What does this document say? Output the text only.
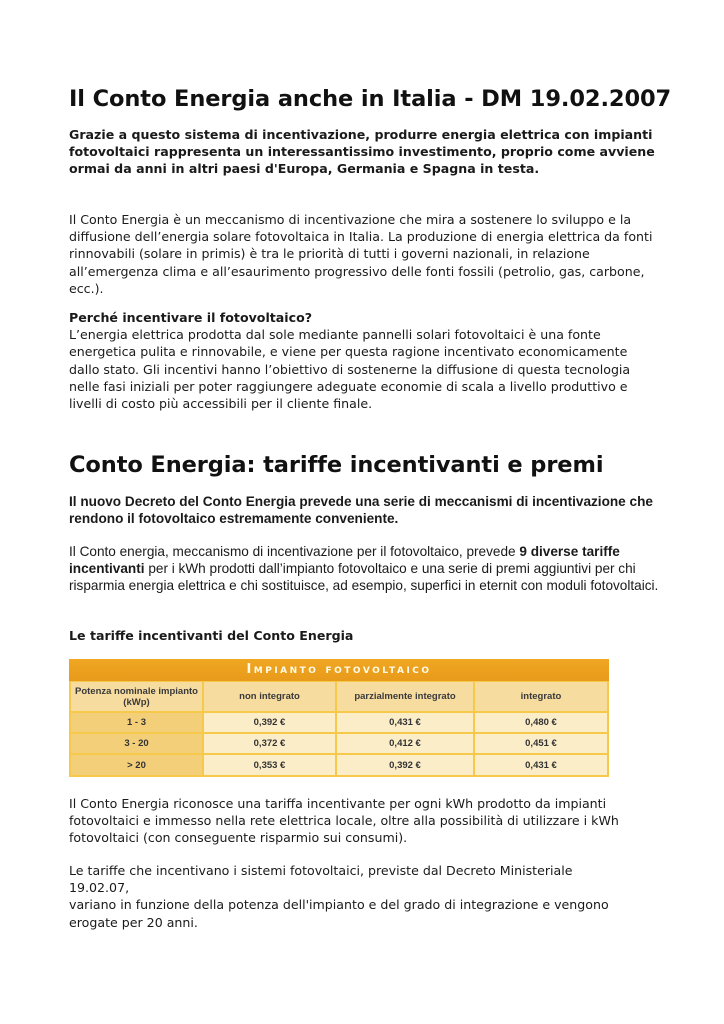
Il Conto Energia anche in Italia - DM 19.02.2007

Grazie a questo sistema di incentivazione, produrre energia elettrica con impianti fotovoltaici rappresenta un interessantissimo investimento, proprio come avviene ormai da anni in altri paesi d'Europa, Germania e Spagna in testa.

Il Conto Energia è un meccanismo di incentivazione che mira a sostenere lo sviluppo e la diffusione dell’energia solare fotovoltaica in Italia. La produzione di energia elettrica da fonti rinnovabili (solare in primis) è tra le priorità di tutti i governi nazionali, in relazione all’emergenza clima e all’esaurimento progressivo delle fonti fossili (petrolio, gas, carbone, ecc.).

Perché incentivare il fotovoltaico?
L’energia elettrica prodotta dal sole mediante pannelli solari fotovoltaici è una fonte energetica pulita e rinnovabile, e viene per questa ragione incentivato economicamente dallo stato. Gli incentivi hanno l’obiettivo di sostenerne la diffusione di questa tecnologia nelle fasi iniziali per poter raggiungere adeguate economie di scala a livello produttivo e livelli di costo più accessibili per il cliente finale.
Conto Energia: tariffe incentivanti e premi

Il nuovo Decreto del Conto Energia prevede una serie di meccanismi di incentivazione che rendono il fotovoltaico estremamente conveniente.

Il Conto energia, meccanismo di incentivazione per il fotovoltaico, prevede 9 diverse tariffe incentivanti per i kWh prodotti dall’impianto fotovoltaico e una serie di premi aggiuntivi per chi risparmia energia elettrica e chi sostituisce, ad esempio, superfici in eternit con moduli fotovoltaici.

Le tariffe incentivanti del Conto Energia

Impianto fotovoltaico
Potenza nominale impianto (kWp)	non integrato	parzialmente integrato	integrato
1 - 3	0,392 €	0,431 €	0,480 €
3 - 20	0,372 €	0,412 €	0,451 €
> 20	0,353 €	0,392 €	0,431 €

Il Conto Energia riconosce una tariffa incentivante per ogni kWh prodotto da impianti fotovoltaici e immesso nella rete elettrica locale, oltre alla possibilità di utilizzare i kWh fotovoltaici (con conseguente risparmio sui consumi).

Le tariffe che incentivano i sistemi fotovoltaici, previste dal Decreto Ministeriale 19.02.07,
variano in funzione della potenza dell'impianto e del grado di integrazione e vengono erogate per 20 anni.
